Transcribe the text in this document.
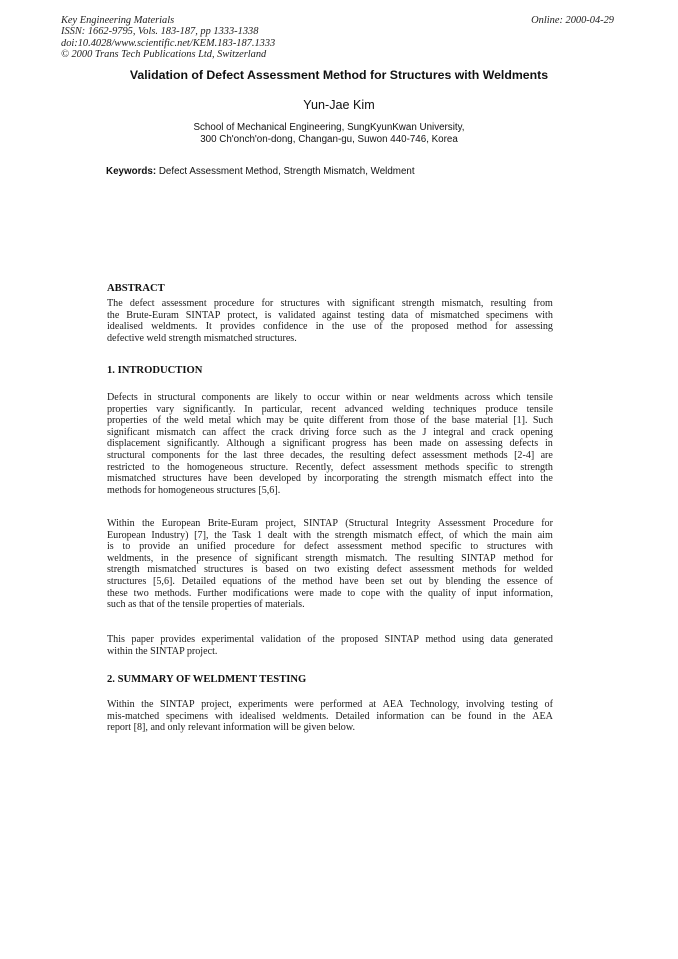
Key Engineering Materials
ISSN: 1662-9795, Vols. 183-187, pp 1333-1338
doi:10.4028/www.scientific.net/KEM.183-187.1333
© 2000 Trans Tech Publications Ltd, Switzerland
Online: 2000-04-29
Validation of Defect Assessment Method for Structures with Weldments
Yun-Jae Kim
School of Mechanical Engineering, SungKyunKwan University,
300 Ch'onch'on-dong, Changan-gu, Suwon 440-746, Korea
Keywords: Defect Assessment Method, Strength Mismatch, Weldment
ABSTRACT
The defect assessment procedure for structures with significant strength mismatch, resulting from
the Brute-Euram SINTAP protect, is validated against testing data of mismatched specimens with
idealised weldments. It provides confidence in the use of the proposed method for assessing
defective weld strength mismatched structures.
1. INTRODUCTION
Defects in structural components are likely to occur within or near weldments across which tensile
properties vary significantly. In particular, recent advanced welding techniques produce tensile
properties of the weld metal which may be quite different from those of the base material [1]. Such
significant mismatch can affect the crack driving force such as the J integral and crack opening
displacement significantly. Although a significant progress has been made on assessing defects in
structural components for the last three decades, the resulting defect assessment methods [2-4] are
restricted to the homogeneous structure. Recently, defect assessment methods specific to strength
mismatched structures have been developed by incorporating the strength mismatch effect into the
methods for homogeneous structures [5,6].
Within the European Brite-Euram project, SINTAP (Structural Integrity Assessment Procedure for
European Industry) [7], the Task 1 dealt with the strength mismatch effect, of which the main aim
is to provide an unified procedure for defect assessment method specific to structures with
weldments, in the presence of significant strength mismatch. The resulting SINTAP method for
strength mismatched structures is based on two existing defect assessment methods for welded
structures [5,6]. Detailed equations of the method have been set out by blending the essence of
these two methods. Further modifications were made to cope with the quality of input information,
such as that of the tensile properties of materials.
This paper provides experimental validation of the proposed SINTAP method using data generated
within the SINTAP project.
2. SUMMARY OF WELDMENT TESTING
Within the SINTAP project, experiments were performed at AEA Technology, involving testing of
mis-matched specimens with idealised weldments. Detailed information can be found in the AEA
report [8], and only relevant information will be given below.
